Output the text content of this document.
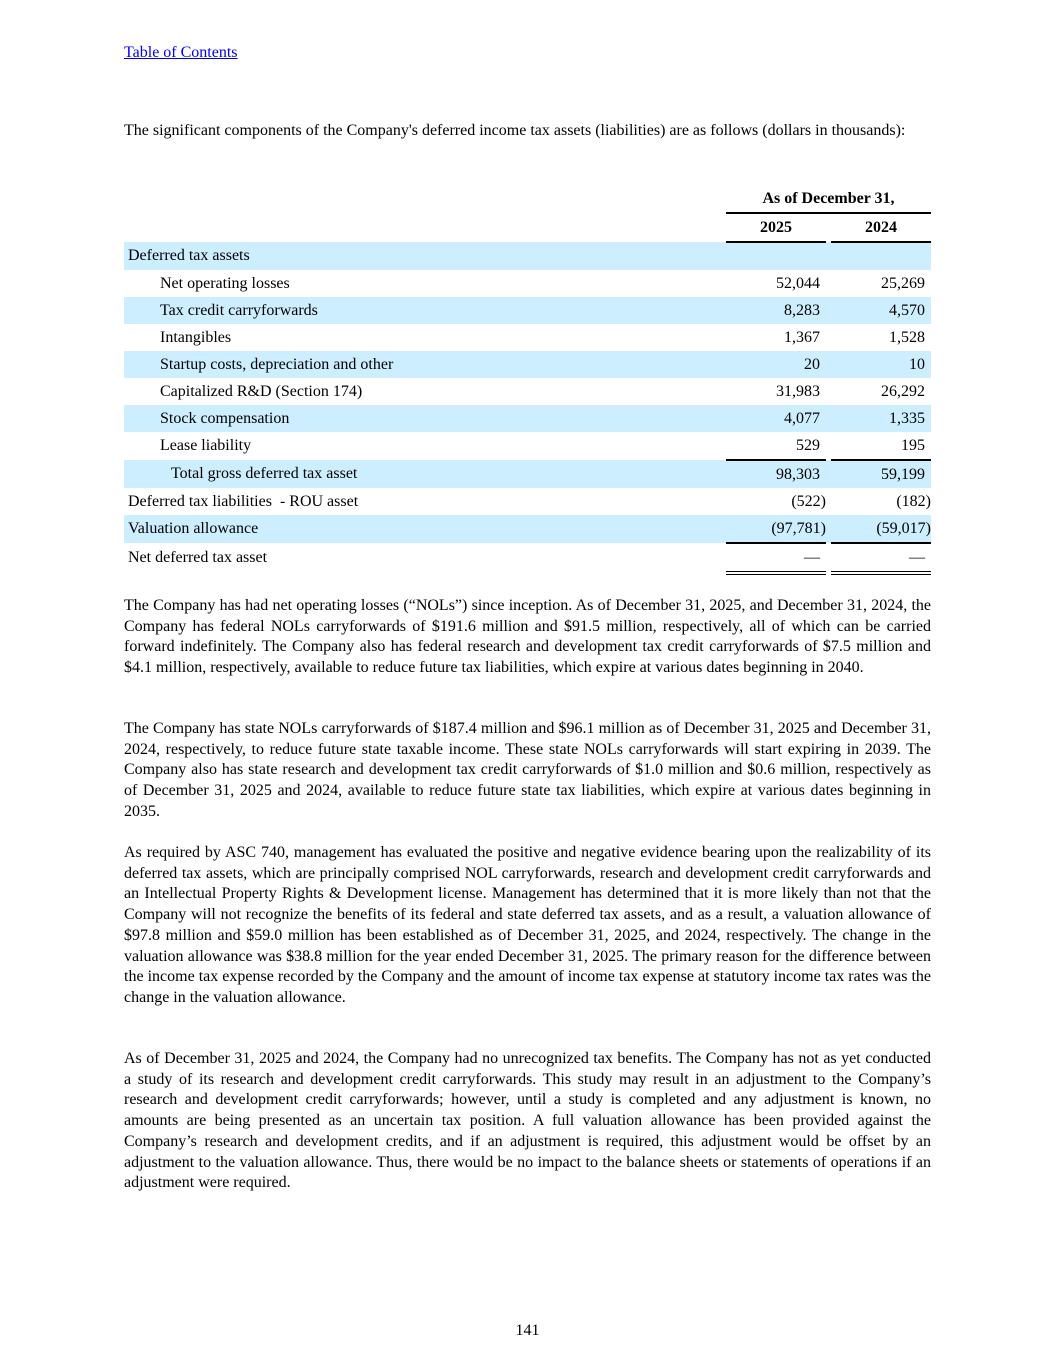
Table of Contents

The significant components of the Company's deferred income tax assets (liabilities) are as follows (dollars in thousands):

	As of December 31,		
	2025		2024
Deferred tax assets			
Net operating losses	52,044		25,269
Tax credit carryforwards	8,283		4,570
Intangibles	1,367		1,528
Startup costs, depreciation and other	20		10
Capitalized R&D (Section 174)	31,983		26,292
Stock compensation	4,077		1,335
Lease liability	529		195
Total gross deferred tax asset	98,303		59,199
Deferred tax liabilities  - ROU asset	(522)		(182)
Valuation allowance	(97,781)		(59,017)
Net deferred tax asset	—		—

The Company has had net operating losses (“NOLs”) since inception. As of December 31, 2025, and December 31, 2024, the Company has federal NOLs carryforwards of $191.6 million and $91.5 million, respectively, all of which can be carried forward indefinitely. The Company also has federal research and development tax credit carryforwards of $7.5 million and $4.1 million, respectively, available to reduce future tax liabilities, which expire at various dates beginning in 2040.

The Company has state NOLs carryforwards of $187.4 million and $96.1 million as of December 31, 2025 and December 31, 2024, respectively, to reduce future state taxable income. These state NOLs carryforwards will start expiring in 2039. The Company also has state research and development tax credit carryforwards of $1.0 million and $0.6 million, respectively as of December 31, 2025 and 2024, available to reduce future state tax liabilities, which expire at various dates beginning in 2035.

As required by ASC 740, management has evaluated the positive and negative evidence bearing upon the realizability of its deferred tax assets, which are principally comprised NOL carryforwards, research and development credit carryforwards and an Intellectual Property Rights & Development license. Management has determined that it is more likely than not that the Company will not recognize the benefits of its federal and state deferred tax assets, and as a result, a valuation allowance of $97.8 million and $59.0 million has been established as of December 31, 2025, and 2024, respectively. The change in the valuation allowance was $38.8 million for the year ended December 31, 2025. The primary reason for the difference between the income tax expense recorded by the Company and the amount of income tax expense at statutory income tax rates was the change in the valuation allowance.

As of December 31, 2025 and 2024, the Company had no unrecognized tax benefits. The Company has not as yet conducted a study of its research and development credit carryforwards. This study may result in an adjustment to the Company’s research and development credit carryforwards; however, until a study is completed and any adjustment is known, no amounts are being presented as an uncertain tax position. A full valuation allowance has been provided against the Company’s research and development credits, and if an adjustment is required, this adjustment would be offset by an adjustment to the valuation allowance. Thus, there would be no impact to the balance sheets or statements of operations if an adjustment were required.

141
